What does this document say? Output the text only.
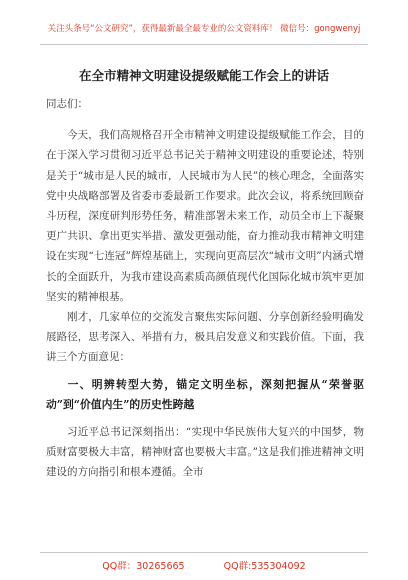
关注头条号“公文研究”，获得最新最全最专业的公文资料库！ 微信号：gongwenyj
在全市精神文明建设提级赋能工作会上的讲话
同志们：

今天，我们高规格召开全市精神文明建设提级赋能工作会，目的在于深入学习贯彻习近平总书记关于精神文明建设的重要论述，特别是关于“城市是人民的城市，人民城市为人民”的核心理念，全面落实党中央战略部署及省委市委最新工作要求。此次会议，将系统回顾奋斗历程，深度研判形势任务，精准部署未来工作，动员全市上下凝聚更广共识、拿出更实举措、激发更强动能，奋力推动我市精神文明建设在实现“七连冠”辉煌基础上，实现向更高层次“城市文明”内涵式增长的全面跃升，为我市建设高素质高颜值现代化国际化城市筑牢更加坚实的精神根基。

刚才，几家单位的交流发言聚焦实际问题、分享创新经验明确发展路径，思考深入、举措有力，极具启发意义和实践价值。下面，我讲三个方面意见：

一、明辨转型大势，锚定文明坐标，深刻把握从“荣誉驱动”到“价值内生”的历史性跨越

习近平总书记深刻指出：“实现中华民族伟大复兴的中国梦，物质财富要极大丰富，精神财富也要极大丰富。”这是我们推进精神文明建设的方向指引和根本遵循。全市

QQ群：30265665	QQ群:535304092
